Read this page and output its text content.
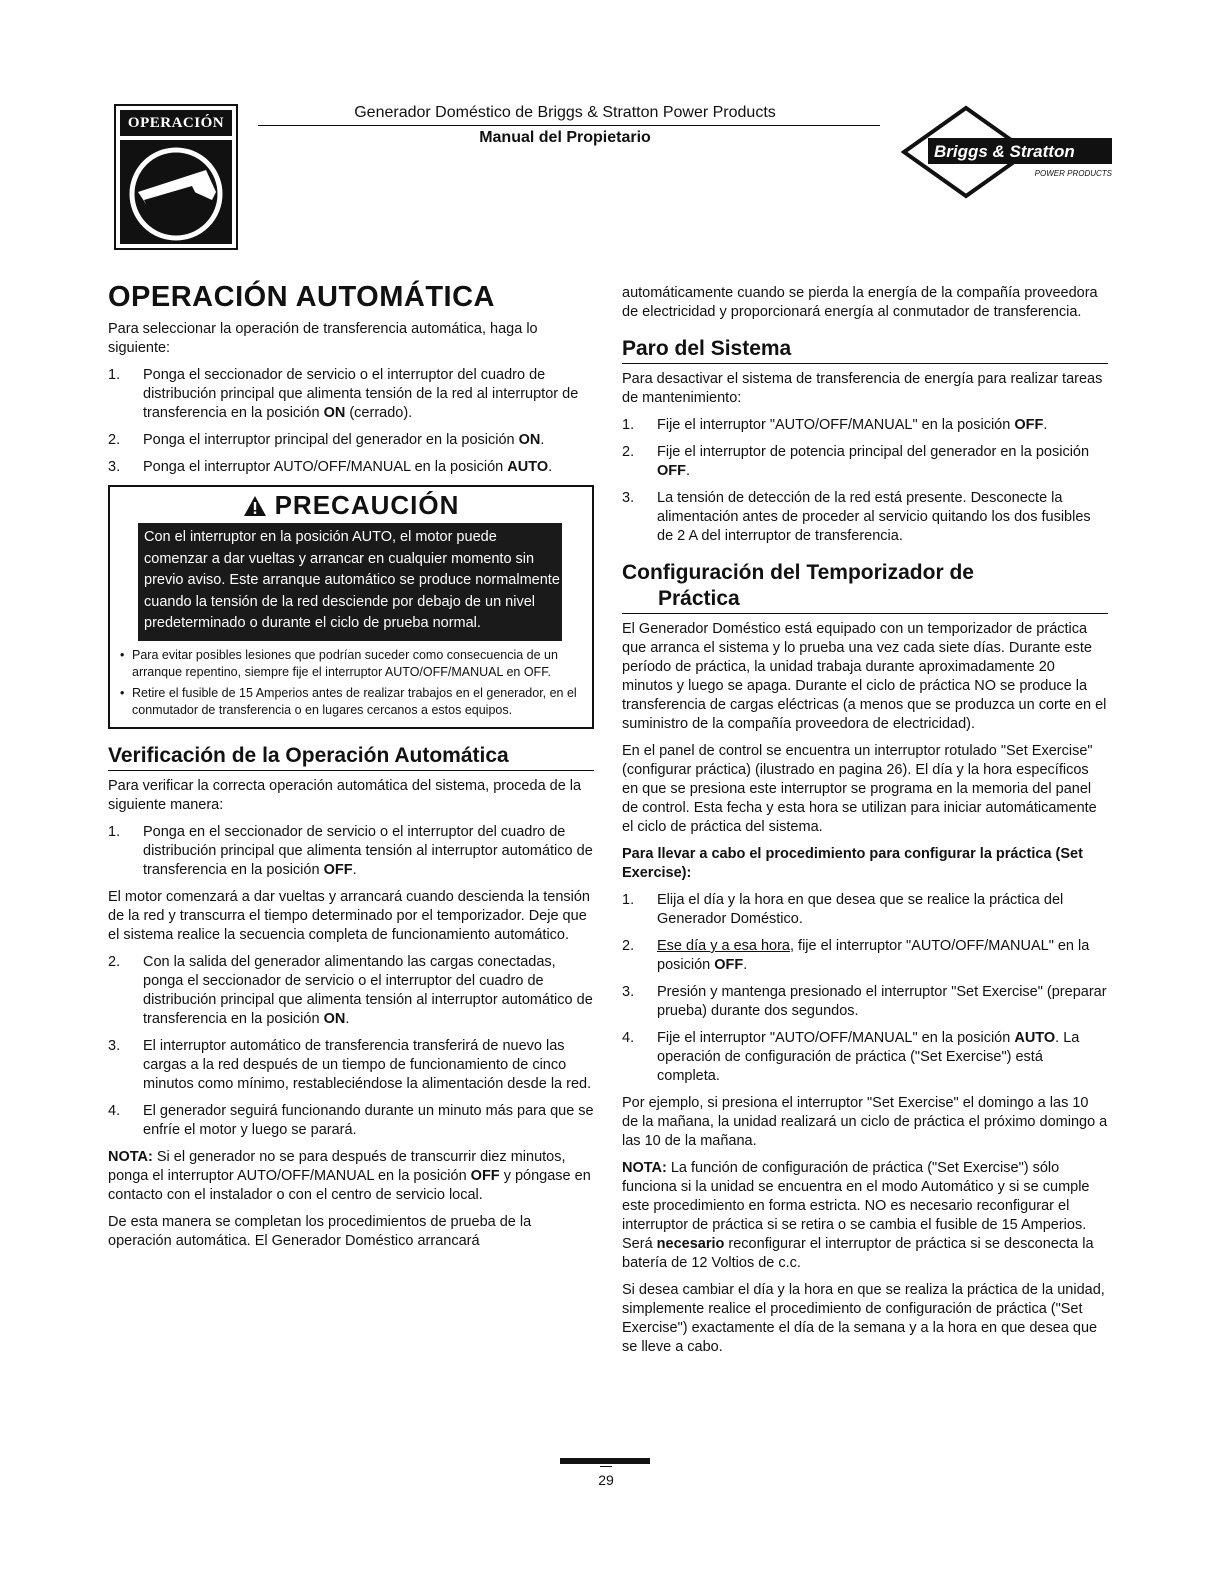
OPERACIÓN
Generador Doméstico de Briggs & Stratton Power Products
Manual del Propietario
Briggs & Stratton
POWER PRODUCTS
OPERACIÓN AUTOMÁTICA

Para seleccionar la operación de transferencia automática, haga lo siguiente:

1. Ponga el seccionador de servicio o el interruptor del cuadro de distribución principal que alimenta tensión de la red al interruptor de transferencia en la posición ON (cerrado).
2. Ponga el interruptor principal del generador en la posición ON.
3. Ponga el interruptor AUTO/OFF/MANUAL en la posición AUTO.
PRECAUCIÓN
Con el interruptor en la posición AUTO, el motor puede comenzar a dar vueltas y arrancar en cualquier momento sin previo aviso. Este arranque automático se produce normalmente cuando la tensión de la red desciende por debajo de un nivel predeterminado o durante el ciclo de prueba normal.
• Para evitar posibles lesiones que podrían suceder como consecuencia de un arranque repentino, siempre fije el interruptor AUTO/OFF/MANUAL en OFF.
• Retire el fusible de 15 Amperios antes de realizar trabajos en el generador, en el conmutador de transferencia o en lugares cercanos a estos equipos.
Verificación de la Operación Automática

Para verificar la correcta operación automática del sistema, proceda de la siguiente manera:

1. Ponga en el seccionador de servicio o el interruptor del cuadro de distribución principal que alimenta tensión al interruptor automático de transferencia en la posición OFF.

El motor comenzará a dar vueltas y arrancará cuando descienda la tensión de la red y transcurra el tiempo determinado por el temporizador. Deje que el sistema realice la secuencia completa de funcionamiento automático.

2. Con la salida del generador alimentando las cargas conectadas, ponga el seccionador de servicio o el interruptor del cuadro de distribución principal que alimenta tensión al interruptor automático de transferencia en la posición ON.
3. El interruptor automático de transferencia transferirá de nuevo las cargas a la red después de un tiempo de funcionamiento de cinco minutos como mínimo, restableciéndose la alimentación desde la red.
4. El generador seguirá funcionando durante un minuto más para que se enfríe el motor y luego se parará.

NOTA: Si el generador no se para después de transcurrir diez minutos, ponga el interruptor AUTO/OFF/MANUAL en la posición OFF y póngase en contacto con el instalador o con el centro de servicio local.

De esta manera se completan los procedimientos de prueba de la operación automática. El Generador Doméstico arrancará

automáticamente cuando se pierda la energía de la compañía proveedora de electricidad y proporcionará energía al conmutador de transferencia.

Paro del Sistema

Para desactivar el sistema de transferencia de energía para realizar tareas de mantenimiento:

1. Fije el interruptor "AUTO/OFF/MANUAL" en la posición OFF.
2. Fije el interruptor de potencia principal del generador en la posición OFF.
3. La tensión de detección de la red está presente. Desconecte la alimentación antes de proceder al servicio quitando los dos fusibles de 2 A del interruptor de transferencia.
Configuración del Temporizador de
Práctica

El Generador Doméstico está equipado con un temporizador de práctica que arranca el sistema y lo prueba una vez cada siete días. Durante este período de práctica, la unidad trabaja durante aproximadamente 20 minutos y luego se apaga. Durante el ciclo de práctica NO se produce la transferencia de cargas eléctricas (a menos que se produzca un corte en el suministro de la compañía proveedora de electricidad).

En el panel de control se encuentra un interruptor rotulado "Set Exercise" (configurar práctica) (ilustrado en pagina 26). El día y la hora específicos en que se presiona este interruptor se programa en la memoria del panel de control. Esta fecha y esta hora se utilizan para iniciar automáticamente el ciclo de práctica del sistema.

Para llevar a cabo el procedimiento para configurar la práctica (Set Exercise):

1. Elija el día y la hora en que desea que se realice la práctica del Generador Doméstico.
2. Ese día y a esa hora, fije el interruptor "AUTO/OFF/MANUAL" en la posición OFF.
3. Presión y mantenga presionado el interruptor "Set Exercise" (preparar prueba) durante dos segundos.
4. Fije el interruptor "AUTO/OFF/MANUAL" en la posición AUTO. La operación de configuración de práctica ("Set Exercise") está completa.

Por ejemplo, si presiona el interruptor "Set Exercise" el domingo a las 10 de la mañana, la unidad realizará un ciclo de práctica el próximo domingo a las 10 de la mañana.

NOTA: La función de configuración de práctica ("Set Exercise") sólo funciona si la unidad se encuentra en el modo Automático y si se cumple este procedimiento en forma estricta. NO es necesario reconfigurar el interruptor de práctica si se retira o se cambia el fusible de 15 Amperios. Será necesario reconfigurar el interruptor de práctica si se desconecta la batería de 12 Voltios de c.c.

Si desea cambiar el día y la hora en que se realiza la práctica de la unidad, simplemente realice el procedimiento de configuración de práctica ("Set Exercise") exactamente el día de la semana y a la hora en que desea que se lleve a cabo.

29
